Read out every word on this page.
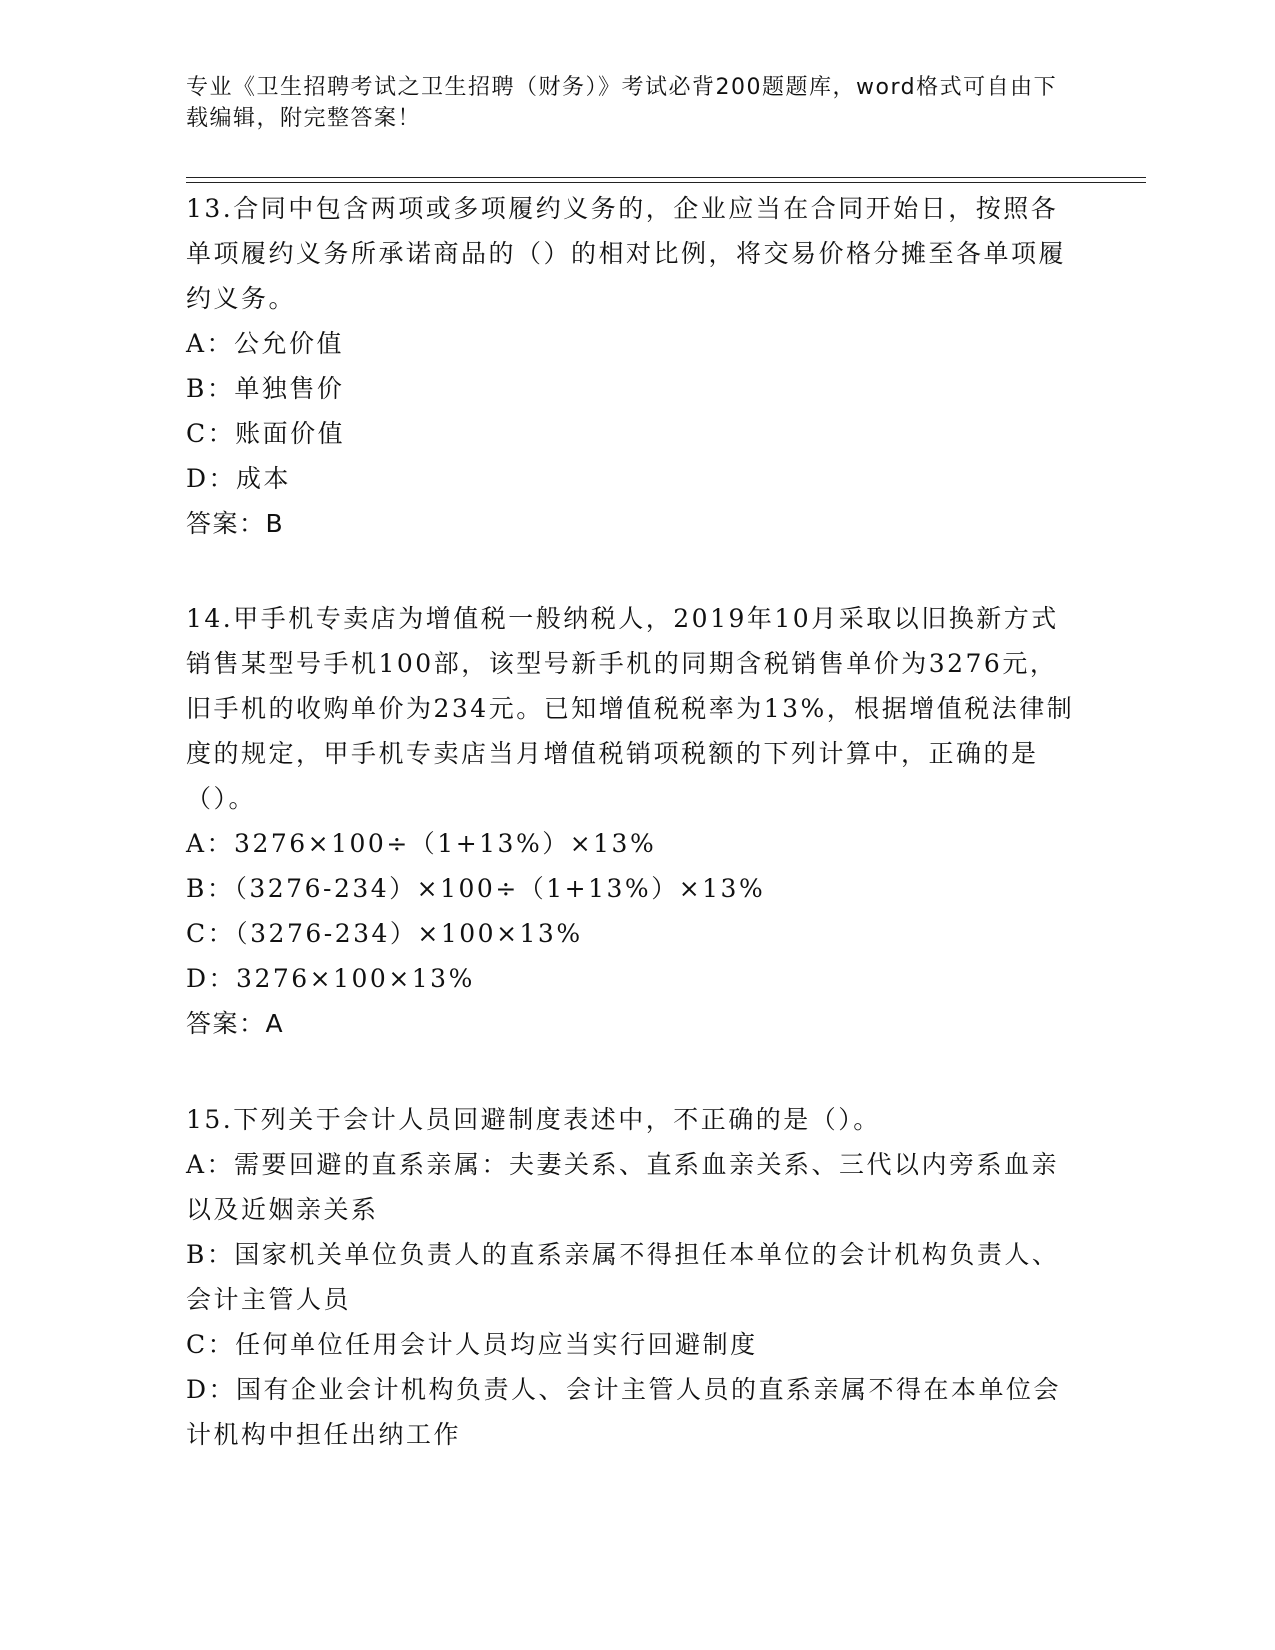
专业《卫生招聘考试之卫生招聘（财务）》考试必背200题题库，word格式可自由下载编辑，附完整答案！

13.合同中包含两项或多项履约义务的，企业应当在合同开始日，按照各单项履约义务所承诺商品的（）的相对比例，将交易价格分摊至各单项履约义务。

A：公允价值

B：单独售价

C：账面价值

D：成本

答案：B

14.甲手机专卖店为增值税一般纳税人，2019年10月采取以旧换新方式销售某型号手机100部，该型号新手机的同期含税销售单价为3276元，旧手机的收购单价为234元。已知增值税税率为13%，根据增值税法律制度的规定，甲手机专卖店当月增值税销项税额的下列计算中，正确的是（）。

A：3276×100÷（1+13%）×13%

B：（3276-234）×100÷（1+13%）×13%

C：（3276-234）×100×13%

D：3276×100×13%

答案：A

15.下列关于会计人员回避制度表述中，不正确的是（）。

A：需要回避的直系亲属：夫妻关系、直系血亲关系、三代以内旁系血亲以及近姻亲关系

B：国家机关单位负责人的直系亲属不得担任本单位的会计机构负责人、会计主管人员

C：任何单位任用会计人员均应当实行回避制度

D：国有企业会计机构负责人、会计主管人员的直系亲属不得在本单位会计机构中担任出纳工作
